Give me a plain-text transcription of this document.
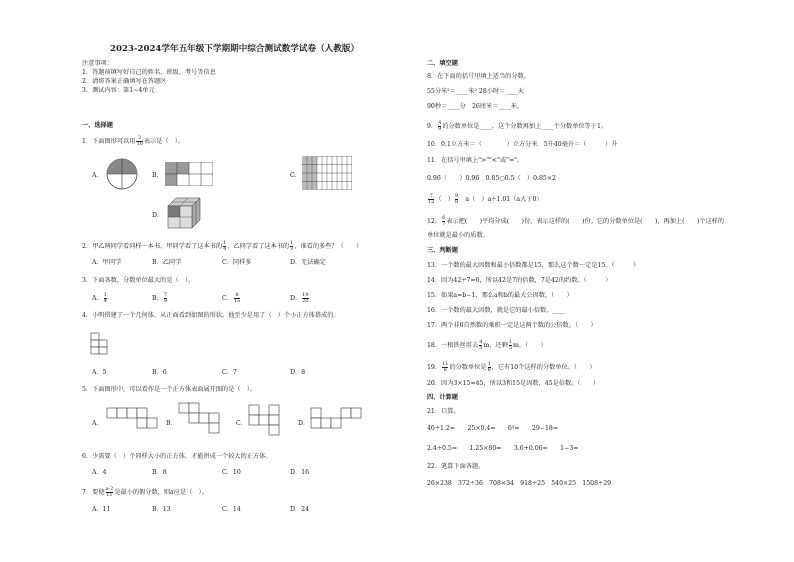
2023-2024学年五年级下学期期中综合测试数学试卷（人教版）
注意事项：
1．答题前填写好自己的姓名、班级、考号等信息
2．请将答案正确填写在答题区
3．测试内容：第1~4单元
一、选择题
1．下面图形可以用 $\frac{3}{10}$ 表示是（　）。
A．	B．	C．
D．
2．甲乙两同学看同样一本书，甲同学看了这本书的 $\frac{1}{4}$ ，乙同学看了这本书的 $\frac{1}{3}$ ，谁看的多些？（　　）
A．甲同学	B．乙同学	C．同样多	D．无法确定
3．下面各数，分数单位最大的是（　）。
A． $\frac{1}{4}$	B． $\frac{7}{9}$	C． $\frac{8}{15}$	D． $\frac{19}{20}$
4．小明搭建了一个几何体，从正面看到如图的形状，他至少是用了（　）个小正方体搭成的。
A．5	B．6	C．7	D．8
5．下面图形中，可以看作是一个正方体表面展开图的是（　）。
A．	B．	C．	D．
6．少需要（　）个同样大小的正方体，才能拼成一个较大的正方体。
A．4	B．8	C．10	D．16
7．要使 $\frac{a-2}{11}$ 是最小的假分数，则a应是（　）。
A．11	B．13	C．14	D．24
二、填空题
8．在下面的括号里填上适当的分数。
55分米²＝____米² 28小时＝____天
90秒＝____分　26厘米＝____米。
9． $\frac{4}{9}$ 的分数单位是____，这个分数再加上____个分数单位等于1。
10．0.1立方米＝（　　　　）立方分米　5升40毫升＝（　　　）升
11．在括号里填上">""<"或"="。
0.9̇6̇（　　）0.96　0.85○0.5（　）0.85×2
$\frac{7}{12}$ （　） $\frac{9}{8}$
　 a（　）a÷1.01（a大于0）
12． $\frac{6}{7}$ 表示把(　　)平均分成(　　)份，表示这样的(　　)份。它的分数单位是(　　)，再加上(　　)个这样的
单位就是最小的质数。
三、判断题
13．一个数的最大因数和最小倍数都是15，那么这个数一定是15。（　　　）
14．因为42÷7=6，所以42是7的倍数，7是42的约数。（　　　）
15．如果a=b−1，那么a和b的最大公因数。（　　）
16．一个数的最大因数，就是它的最小倍数。____
17．两个非0自然数的乘积一定是这两个数的公倍数。（　　）
18．一根铁丝用去 $\frac{4}{5}$ m，还剩 $\frac{1}{5}$ m。（　　）
19． $\frac{11}{8}$ 的分数单位是 $\frac{1}{8}$ ，它有10个这样的分数单位。（　　）
20．因为3×15=45，所以3和15是因数，45是倍数。（　　）
四、计算题
21．口算。
40÷1.2=　　25×0.4=　　6³=　　29−18=
2.4÷0.5=　　1.25×80=　　3.6+0.06=　　1−3=
22．笔算下面各题。
26×238　372÷36　708×34　918÷25　540×25　1508÷29
